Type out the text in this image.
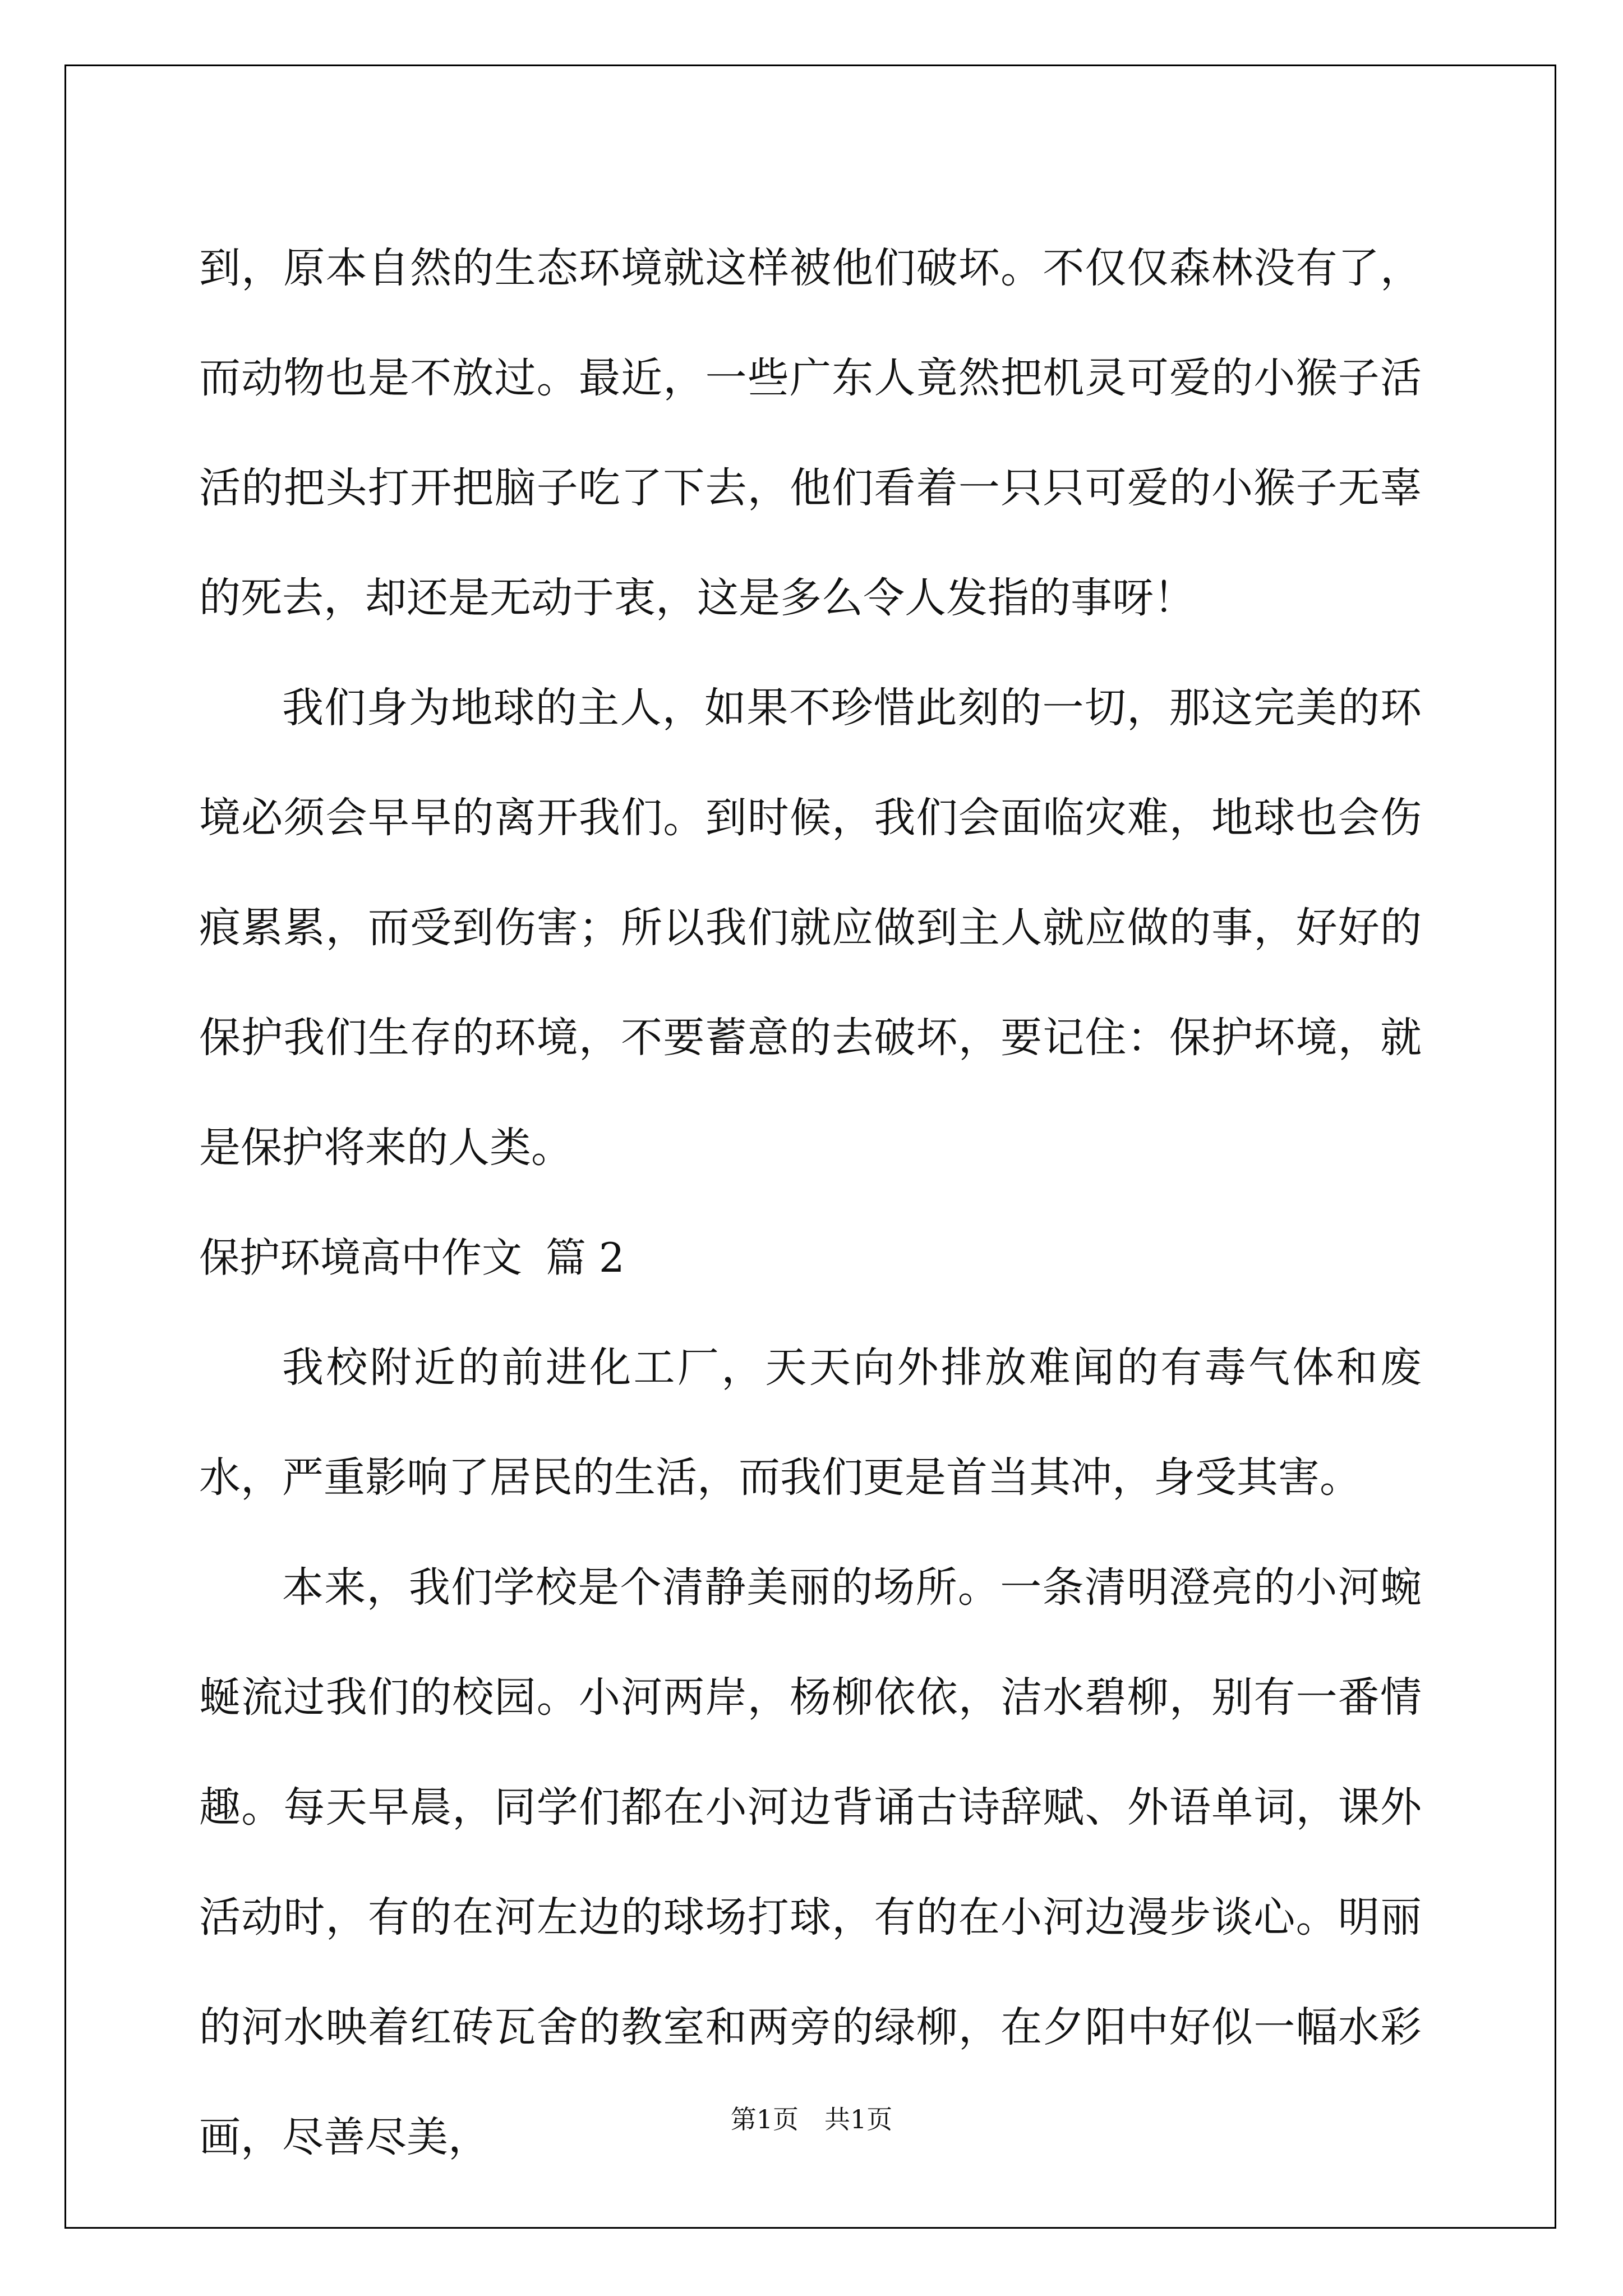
到，原本自然的生态环境就这样被他们破坏。不仅仅森林没有了，而动物也是不放过。最近，一些广东人竟然把机灵可爱的小猴子活活的把头打开把脑子吃了下去，他们看着一只只可爱的小猴子无辜的死去，却还是无动于衷，这是多么令人发指的事呀！

我们身为地球的主人，如果不珍惜此刻的一切，那这完美的环境必须会早早的离开我们。到时候，我们会面临灾难，地球也会伤痕累累，而受到伤害；所以我们就应做到主人就应做的事，好好的保护我们生存的环境，不要蓄意的去破坏，要记住：保护坏境，就是保护将来的人类。

保护环境高中作文 篇 2

我校附近的前进化工厂，天天向外排放难闻的有毒气体和废水，严重影响了居民的生活，而我们更是首当其冲，身受其害。

本来，我们学校是个清静美丽的场所。一条清明澄亮的小河蜿蜒流过我们的校园。小河两岸，杨柳依依，洁水碧柳，别有一番情趣。每天早晨，同学们都在小河边背诵古诗辞赋、外语单词，课外活动时，有的在河左边的球场打球，有的在小河边漫步谈心。明丽的河水映着红砖瓦舍的教室和两旁的绿柳，在夕阳中好似一幅水彩画，尽善尽美，	第1页　共1页
